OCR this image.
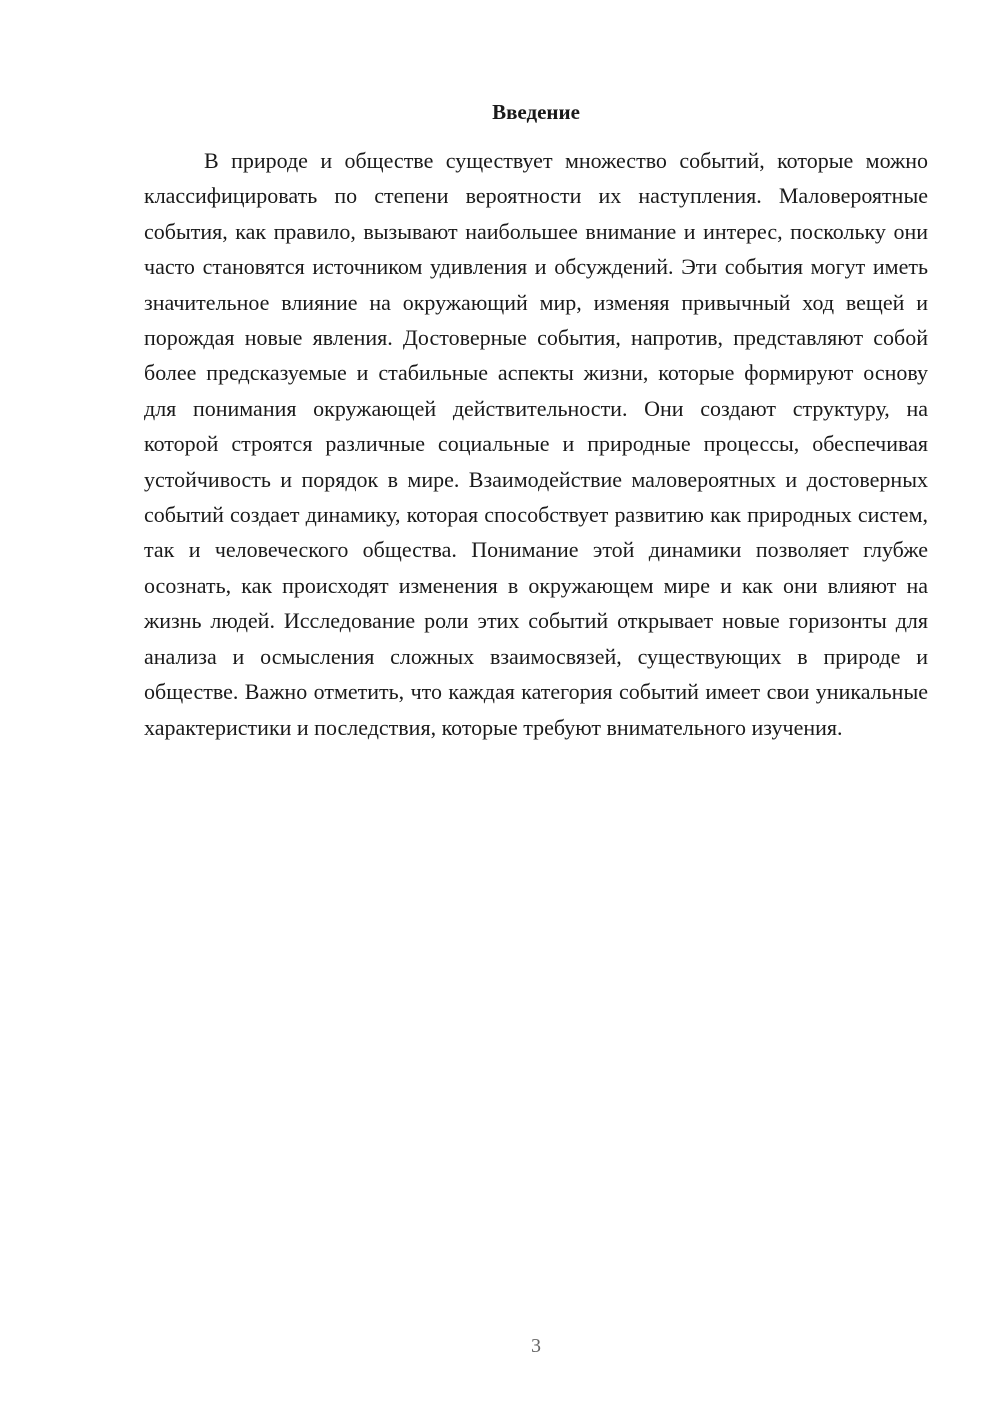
Введение

В природе и обществе существует множество событий, которые можно классифицировать по степени вероятности их наступления. Маловероятные события, как правило, вызывают наибольшее внимание и интерес, поскольку они часто становятся источником удивления и обсуждений. Эти события могут иметь значительное влияние на окружающий мир, изменяя привычный ход вещей и порождая новые явления. Достоверные события, напротив, представляют собой более предсказуемые и стабильные аспекты жизни, которые формируют основу для понимания окружающей действительности. Они создают структуру, на которой строятся различные социальные и природные процессы, обеспечивая устойчивость и порядок в мире. Взаимодействие маловероятных и достоверных событий создает динамику, которая способствует развитию как природных систем, так и человеческого общества. Понимание этой динамики позволяет глубже осознать, как происходят изменения в окружающем мире и как они влияют на жизнь людей. Исследование роли этих событий открывает новые горизонты для анализа и осмысления сложных взаимосвязей, существующих в природе и обществе. Важно отметить, что каждая категория событий имеет свои уникальные характеристики и последствия, которые требуют внимательного изучения.

3
